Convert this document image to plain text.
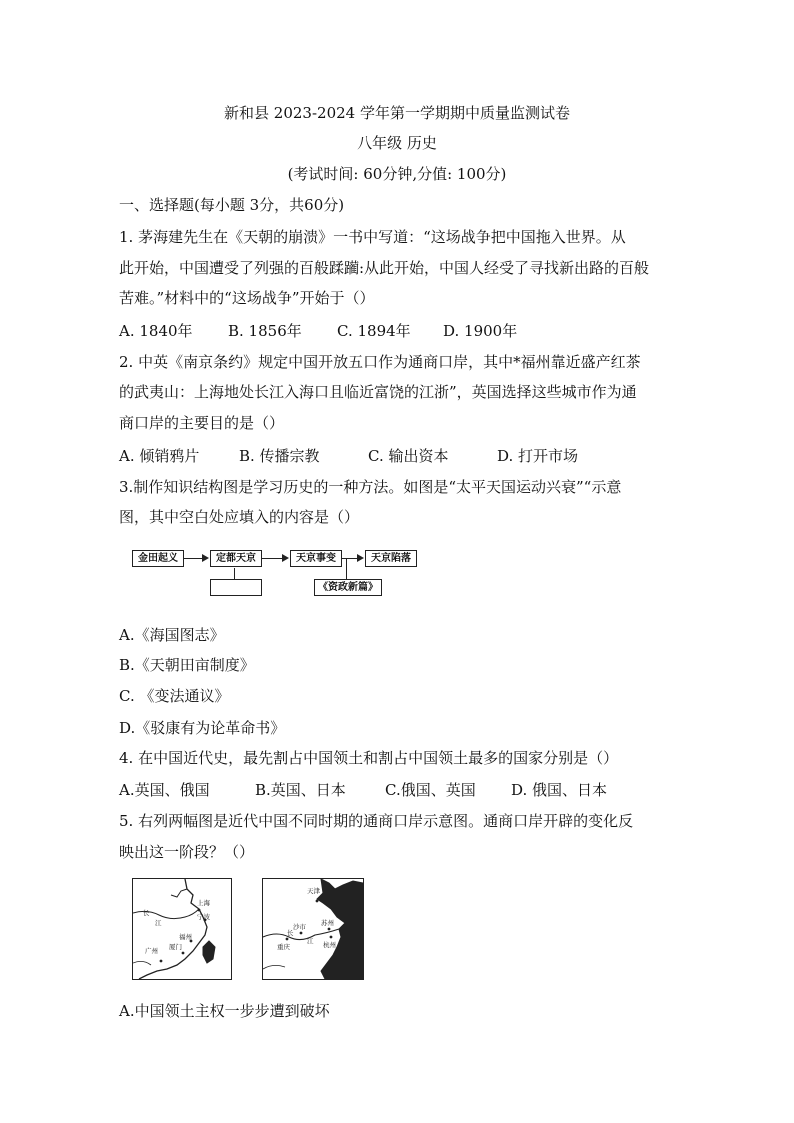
新和县 2023-2024 学年第一学期期中质量监测试卷
八年级 历史
(考试时间: 60分钟,分值: 100分)
一、选择题(每小题 3分，共60分)
1. 茅海建先生在《天朝的崩溃》一书中写道：“这场战争把中国拖入世界。从
此开始，中国遭受了列强的百般蹂躏:从此开始，中国人经受了寻找新出路的百般
苦难。”材料中的“这场战争”开始于（）
A. 1840年 B. 1856年 C. 1894年 D. 1900年
2. 中英《南京条约》规定中国开放五口作为通商口岸，其中*福州靠近盛产红茶
的武夷山：上海地处长江入海口且临近富饶的江浙”，英国选择这些城市作为通
商口岸的主要目的是（）
A. 倾销鸦片	B. 传播宗教	C. 输出资本	D. 打开市场
3.制作知识结构图是学习历史的一种方法。如图是“太平天国运动兴衰”“示意
图，其中空白处应填入的内容是（）
金田起义	定都天京	天京事变
《资政新篇》
天京陷落
A.《海国图志》
B.《天朝田亩制度》
C. 《变法通议》
D.《驳康有为论革命书》
4. 在中国近代史，最先割占中国领土和割占中国领土最多的国家分别是（）
A.英国、俄国	B.英国、日本	C.俄国、英国 D. 俄国、日本
5. 右列两幅图是近代中国不同时期的通商口岸示意图。通商口岸开辟的变化反
映出这一阶段？（）
上海
宁波
长
江
福州
广州 厦门
天津
长
沙市 苏州
江
重庆	杭州
A.中国领土主权一步步遭到破坏
